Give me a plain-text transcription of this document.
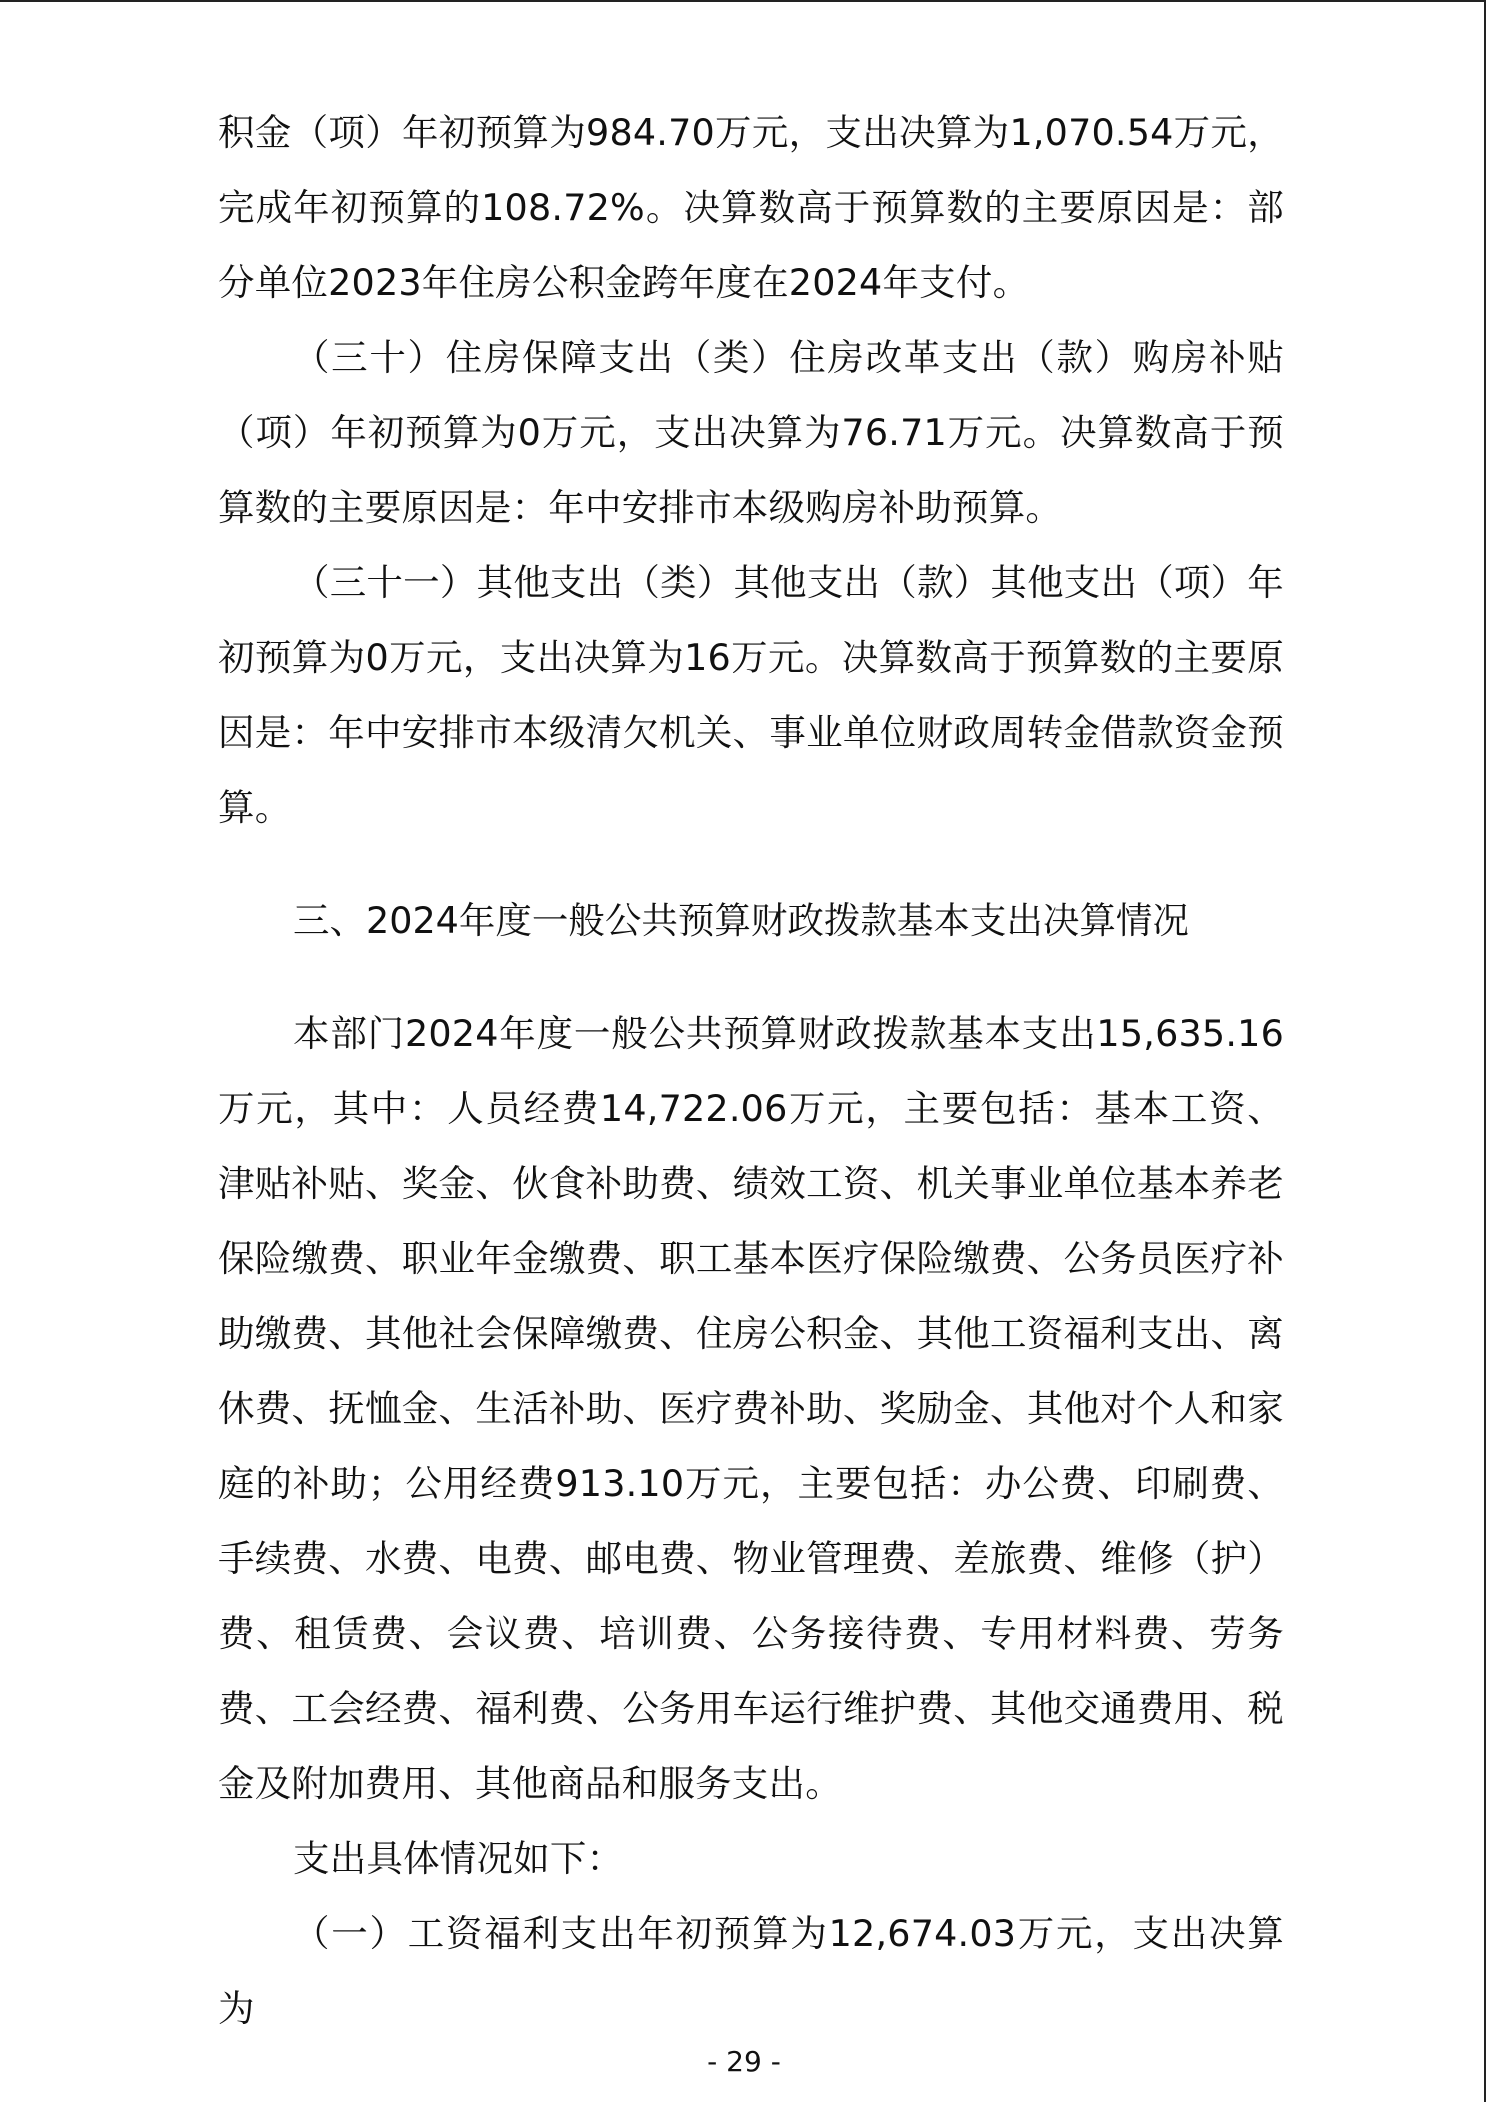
积金（项）年初预算为984.70万元，支出决算为1,070.54万元，完成年初预算的108.72%。决算数高于预算数的主要原因是：部分单位2023年住房公积金跨年度在2024年支付。

（三十）住房保障支出（类）住房改革支出（款）购房补贴（项）年初预算为0万元，支出决算为76.71万元。决算数高于预算数的主要原因是：年中安排市本级购房补助预算。

（三十一）其他支出（类）其他支出（款）其他支出（项）年初预算为0万元，支出决算为16万元。决算数高于预算数的主要原因是：年中安排市本级清欠机关、事业单位财政周转金借款资金预算。

三、2024年度一般公共预算财政拨款基本支出决算情况

本部门2024年度一般公共预算财政拨款基本支出15,635.16万元，其中：人员经费14,722.06万元，主要包括：基本工资、津贴补贴、奖金、伙食补助费、绩效工资、机关事业单位基本养老保险缴费、职业年金缴费、职工基本医疗保险缴费、公务员医疗补助缴费、其他社会保障缴费、住房公积金、其他工资福利支出、离休费、抚恤金、生活补助、医疗费补助、奖励金、其他对个人和家庭的补助；公用经费913.10万元，主要包括：办公费、印刷费、手续费、水费、电费、邮电费、物业管理费、差旅费、维修（护）费、租赁费、会议费、培训费、公务接待费、专用材料费、劳务费、工会经费、福利费、公务用车运行维护费、其他交通费用、税金及附加费用、其他商品和服务支出。

支出具体情况如下：

（一）工资福利支出年初预算为12,674.03万元，支出决算为

- 29 -
